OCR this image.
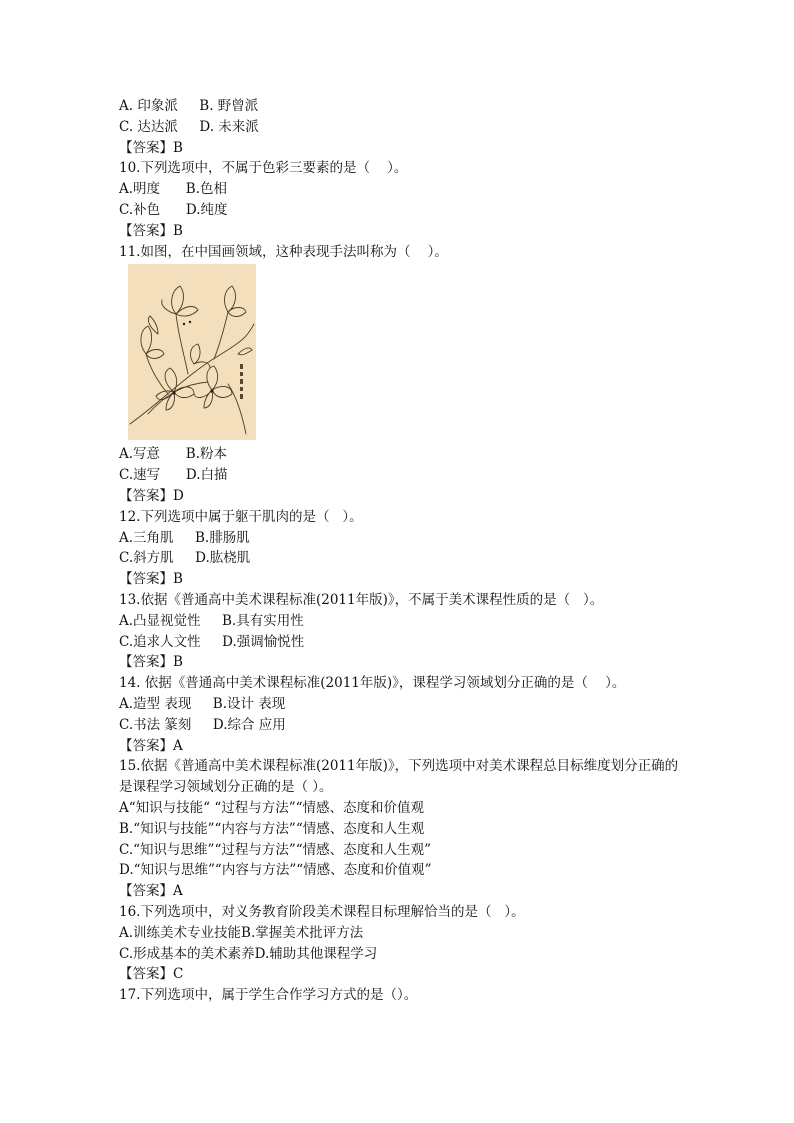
A. 印象派     B. 野曾派
C. 达达派     D. 未来派
【答案】B
10.下列选项中，不属于色彩三要素的是（    ）。
A.明度      B.色相
C.补色      D.纯度
【答案】B
11.如图，在中国画领域，这种表现手法叫称为（    ）。
A.写意      B.粉本
C.速写      D.白描
【答案】D
12.下列选项中属于躯干肌肉的是（   ）。
A.三角肌     B.腓肠肌
C.斜方肌     D.肱桡肌
【答案】B
13.依据《普通高中美术课程标准(2011年版)》，不属于美术课程性质的是（   ）。
A.凸显视觉性     B.具有实用性
C.追求人文性     D.强调愉悦性
【答案】B
14. 依据《普通高中美术课程标准(2011年版)》，课程学习领域划分正确的是（    ）。
A.造型 表现     B.设计 表现
C.书法 篆刻     D.综合 应用
【答案】A
15.依据《普通高中美术课程标准(2011年版)》，下列选项中对美术课程总目标维度划分正确的是课程学习领域划分正确的是（ ）。
A“知识与技能“ “过程与方法”“情感、态度和价值观
B.“知识与技能”“内容与方法”“情感、态度和人生观
C.“知识与思维”“过程与方法”“情感、态度和人生观”
D.“知识与思维”“内容与方法”“情感、态度和价值观”
【答案】A
16.下列选项中，对义务教育阶段美术课程目标理解恰当的是（   ）。
A.训练美术专业技能B.掌握美术批评方法
C.形成基本的美术素养D.辅助其他课程学习
【答案】C
17.下列选项中，属于学生合作学习方式的是（）。
